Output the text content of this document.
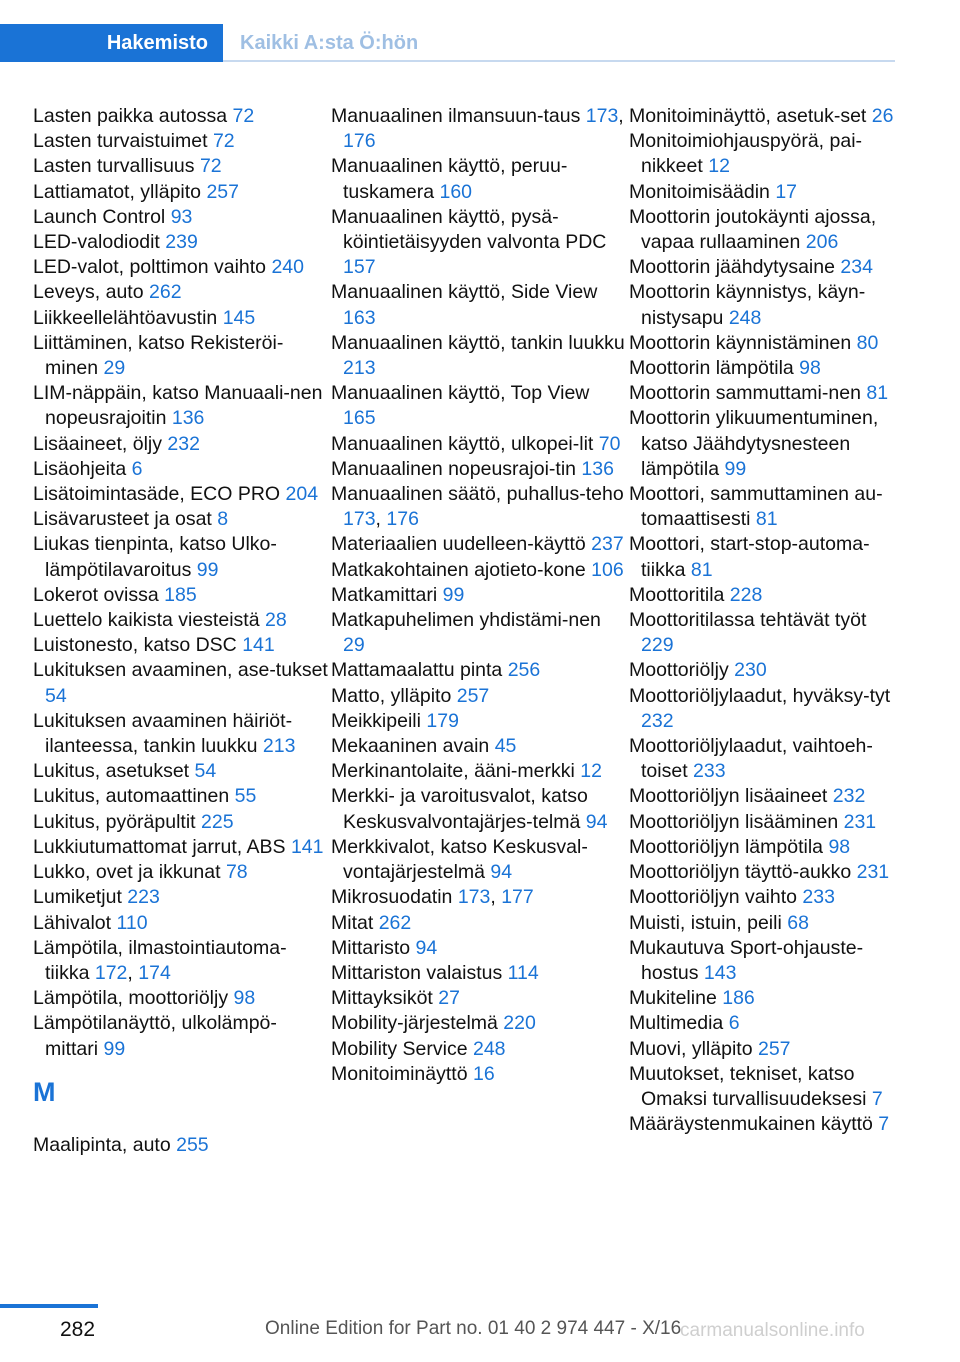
Hakemisto	Kaikki A:sta Ö:hön
Lasten paikka autossa 72
Lasten turvaistuimet 72
Lasten turvallisuus 72
Lattiamatot, ylläpito 257
Launch Control 93
LED-valodiodit 239
LED-valot, polttimon vaihto 240
Leveys, auto 262
Liikkeellelähtöavustin 145
Liittäminen, katso Rekisteröi‐minen 29
LIM-näppäin, katso Manuaali‐nen nopeusrajoitin 136
Lisäaineet, öljy 232
Lisäohjeita 6
Lisätoimintasäde, ECO PRO 204
Lisävarusteet ja osat 8
Liukas tienpinta, katso Ulko‐lämpötilavaroitus 99
Lokerot ovissa 185
Luettelo kaikista viesteistä 28
Luistonesto, katso DSC 141
Lukituksen avaaminen, ase‐tukset 54
Lukituksen avaaminen häiriöt‐ilanteessa, tankin luukku 213
Lukitus, asetukset 54
Lukitus, automaattinen 55
Lukitus, pyöräpultit 225
Lukkiutumattomat jarrut, ABS 141
Lukko, ovet ja ikkunat 78
Lumiketjut 223
Lähivalot 110
Lämpötila, ilmastointiautoma‐tiikka 172, 174
Lämpötila, moottoriöljy 98
Lämpötilanäyttö, ulkolämpö‐mittari 99
M
Maalipinta, auto 255
Manuaalinen ilmansuun‐taus 173, 176
Manuaalinen käyttö, peruu‐tuskamera 160
Manuaalinen käyttö, pysä‐köintietäisyyden valvonta PDC 157
Manuaalinen käyttö, Side View 163
Manuaalinen käyttö, tankin luukku 213
Manuaalinen käyttö, Top View 165
Manuaalinen käyttö, ulkopei‐lit 70
Manuaalinen nopeusrajoi‐tin 136
Manuaalinen säätö, puhallus‐teho 173, 176
Materiaalien uudelleen‐käyttö 237
Matkakohtainen ajotieto‐kone 106
Matkamittari 99
Matkapuhelimen yhdistämi‐nen 29
Mattamaalattu pinta 256
Matto, ylläpito 257
Meikkipeili 179
Mekaaninen avain 45
Merkinantolaite, ääni‐merkki 12
Merkki- ja varoitusvalot, katso Keskusvalvontajärjes‐telmä 94
Merkkivalot, katso Keskusval‐vontajärjestelmä 94
Mikrosuodatin 173, 177
Mitat 262
Mittaristo 94
Mittariston valaistus 114
Mittayksiköt 27
Mobility-järjestelmä 220
Mobility Service 248
Monitoiminäyttö 16
Monitoiminäyttö, asetuk‐set 26
Monitoimiohjauspyörä, pai‐nikkeet 12
Monitoimisäädin 17
Moottorin joutokäynti ajossa, vapaa rullaaminen 206
Moottorin jäähdytysaine 234
Moottorin käynnistys, käyn‐nistysapu 248
Moottorin käynnistäminen 80
Moottorin lämpötila 98
Moottorin sammuttami‐nen 81
Moottorin ylikuumentuminen, katso Jäähdytysnesteen lämpötila 99
Moottori, sammuttaminen au‐tomaattisesti 81
Moottori, start-stop-automa‐tiikka 81
Moottoritila 228
Moottoritilassa tehtävät työt 229
Moottoriöljy 230
Moottoriöljylaadut, hyväksy‐tyt 232
Moottoriöljylaadut, vaihtoeh‐toiset 233
Moottoriöljyn lisäaineet 232
Moottoriöljyn lisääminen 231
Moottoriöljyn lämpötila 98
Moottoriöljyn täyttö‐aukko 231
Moottoriöljyn vaihto 233
Muisti, istuin, peili 68
Mukautuva Sport-ohjauste‐hostus 143
Mukiteline 186
Multimedia 6
Muovi, ylläpito 257
Muutokset, tekniset, katso Omaksi turvallisuudeksesi 7
Määräystenmukainen käyttö 7
282	Online Edition for Part no. 01 40 2 974 447 - X/16
carmanualsonline.info
